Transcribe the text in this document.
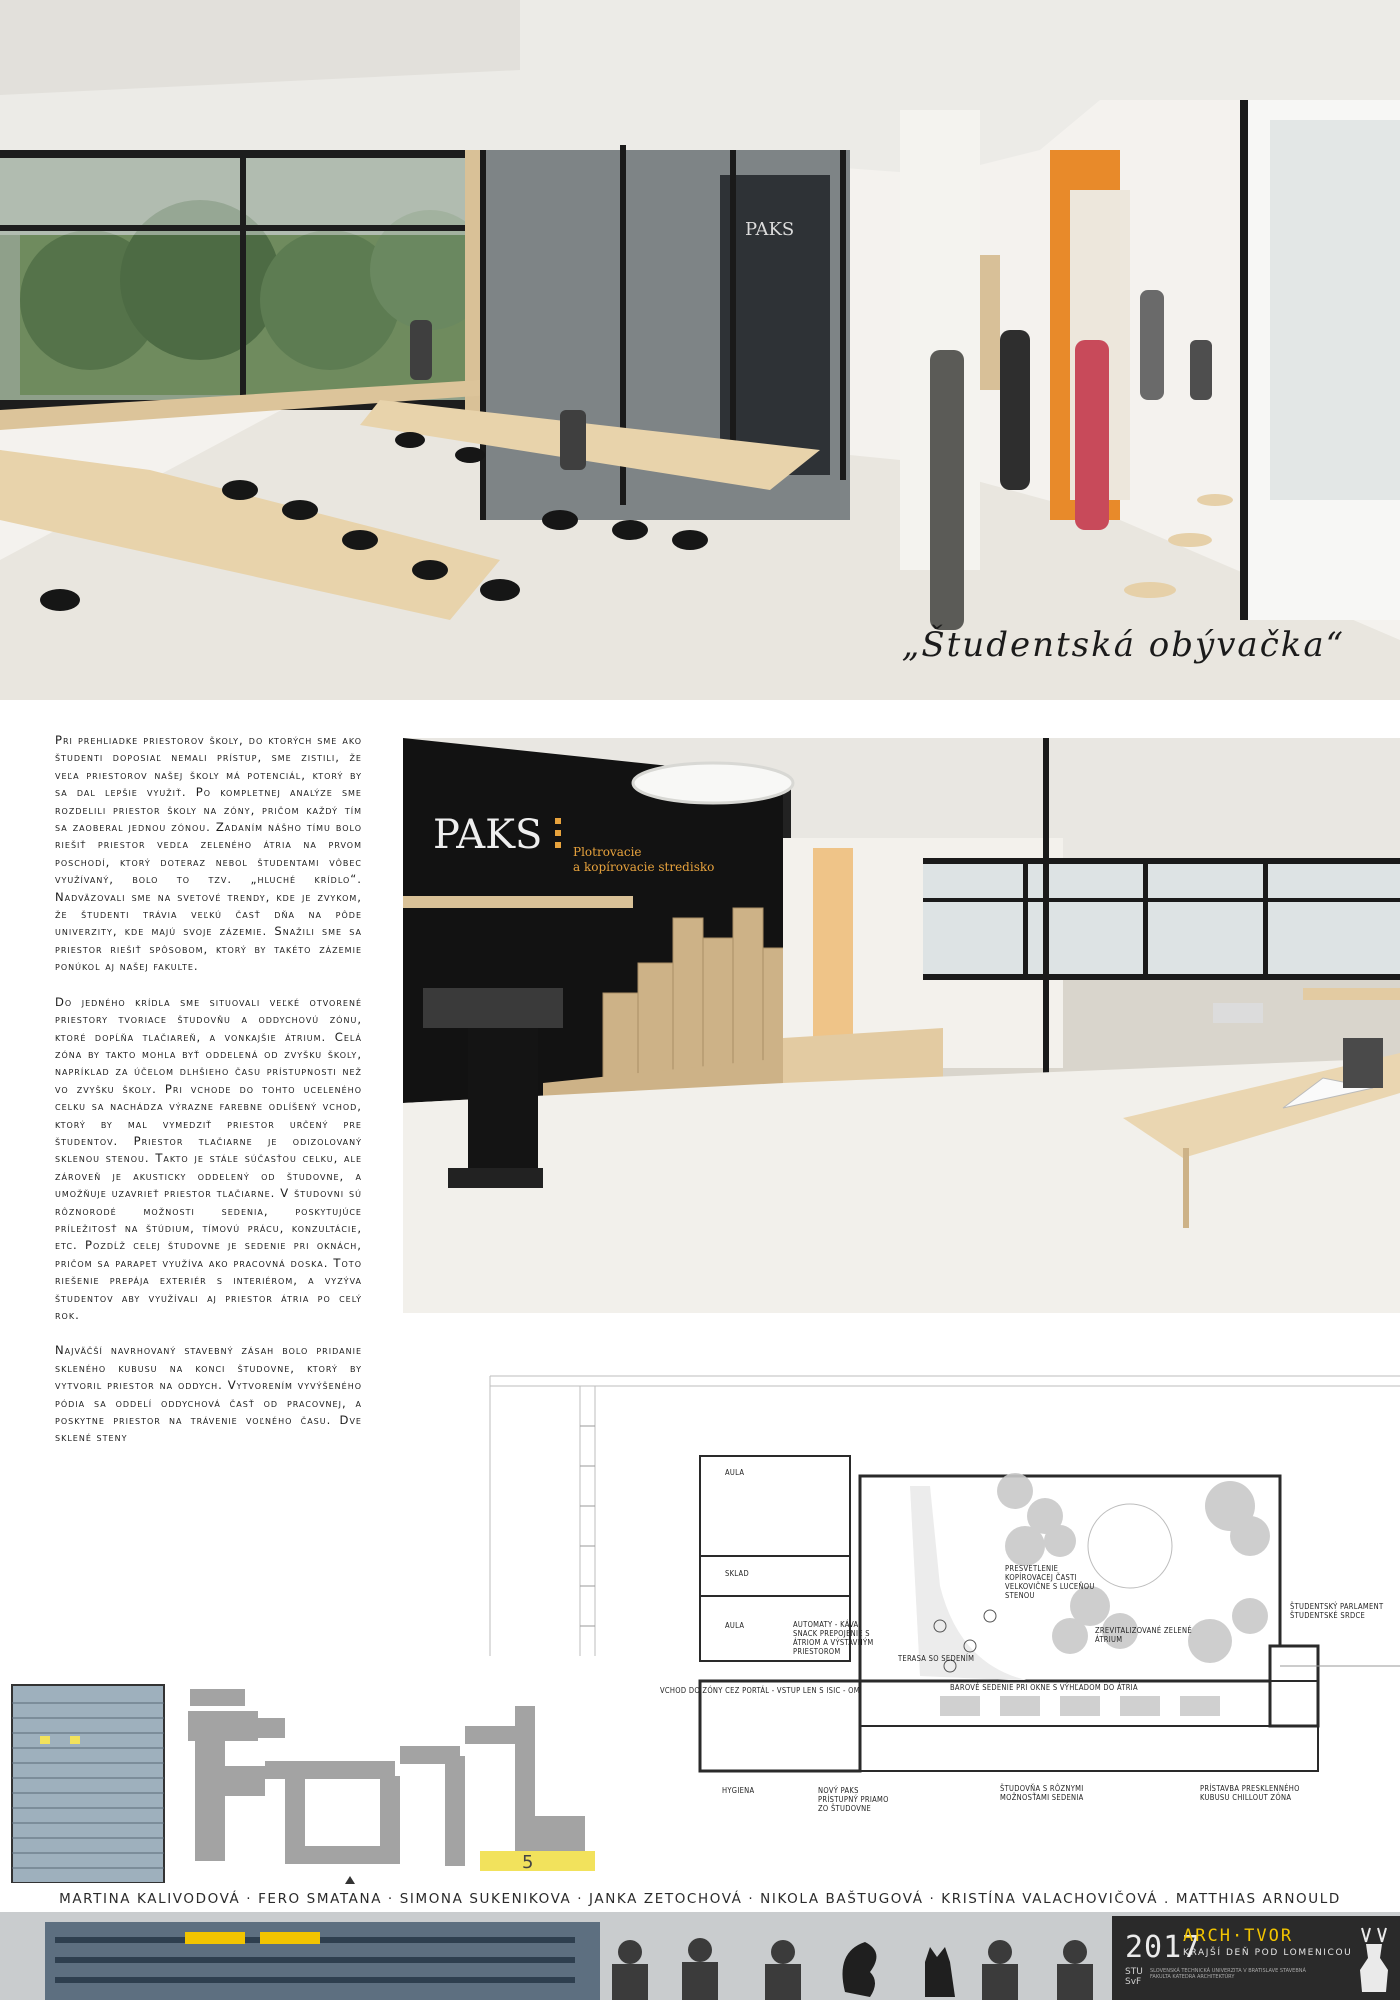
PAKS
„Študentská obývačka“

Pri prehliadke priestorov školy, do ktorých sme ako študenti doposiaľ nemali prístup, sme zistili, že veľa priestorov našej školy má potenciál, ktorý by sa dal lepšie využiť. Po kompletnej analýze sme rozdelili priestor školy na zóny, pričom každý tím sa zaoberal jednou zónou. Zadaním nášho tímu bolo riešiť priestor vedľa zeleného átria na prvom poschodí, ktorý doteraz nebol študentami vôbec využívaný, bolo to tzv. „hluché krídlo“. Nadväzovali sme na svetové trendy, kde je zvykom, že študenti trávia veľkú časť dňa na pôde univerzity, kde majú svoje zázemie. Snažili sme sa priestor riešiť spôsobom, ktorý by takéto zázemie ponúkol aj našej fakulte.

Do jedného krídla sme situovali veľké otvorené priestory tvoriace študovňu a oddychovú zónu, ktoré dopĺňa tlačiareň, a vonkajšie átrium. Celá zóna by takto mohla byť oddelená od zvyšku školy, napríklad za účelom dlhšieho času prístupnosti než vo zvyšku školy. Pri vchode do tohto uceleného celku sa nachádza výrazne farebne odlíšený vchod, ktorý by mal vymedziť priestor určený pre študentov. Priestor tlačiarne je odizolovaný sklenou stenou. Takto je stále súčasťou celku, ale zároveň je akusticky oddelený od študovne, a umožňuje uzavrieť priestor tlačiarne. V študovni sú rôznorodé možnosti sedenia, poskytujúce príležitosť na štúdium, tímovú prácu, konzultácie, etc. Pozdĺž celej študovne je sedenie pri oknách, pričom sa parapet využíva ako pracovná doska. Toto riešenie prepája exteriér s interiérom, a vyzýva študentov aby využívali aj priestor átria po celý rok.

Najväčší navrhovaný stavebný zásah bolo pridanie skleného kubusu na konci študovne, ktorý by vytvoril priestor na oddych. Vytvorením vyvýšeného pódia sa oddelí oddychová časť od pracovnej, a poskytne priestor na trávenie voľného času. Dve sklené steny

PAKS	Plotrovacie
a kopírovacie stredisko
AULA
SKLAD
AULA	AUTOMATY - KÁVA, SNACK PREPOJENIE S ÁTRIOM A VÝSTAVNÝM PRIESTOROM
TERASA SO SEDENÍM
PRESVETLENIE KOPÍROVACEJ ČASTI VELKOVIČNE S LUCEŇOU STENOU
ZREVITALIZOVANÉ ZELENÉ ÁTRIUM
ŠTUDENTSKÝ PARLAMENT ŠTUDENTSKÉ SRDCE
VCHOD DO ZÓNY CEZ PORTÁL - VSTUP LEN S ISIC - OM	BAROVÉ SEDENIE PRI OKNE S VÝHĽADOM DO ÁTRIA
HYGIENA	NOVÝ PAKS PRÍSTUPNÝ PRIAMO ZO ŠTUDOVNE
ŠTUDOVŇA S RÔZNYMI MOŽNOSŤAMI SEDENIA
PRÍSTAVBA PRESKLENNÉHO KUBUSU CHILLOUT ZÓNA
5
MARTINA KALIVODOVÁ · FERO SMATANA · SIMONA SUKENIKOVA · JANKA ZETOCHOVÁ · NIKOLA BAŠTUGOVÁ · KRISTÍNA VALACHOVIČOVÁ . MATTHIAS ARNOULD
2017
ARCH·TVOR
KRAJŠÍ DEŇ POD LOMENICOU
STU
SvF
SLOVENSKÁ TECHNICKÁ UNIVERZITA V BRATISLAVE STAVEBNÁ FAKULTA KATEDRA ARCHITEKTÚRY
